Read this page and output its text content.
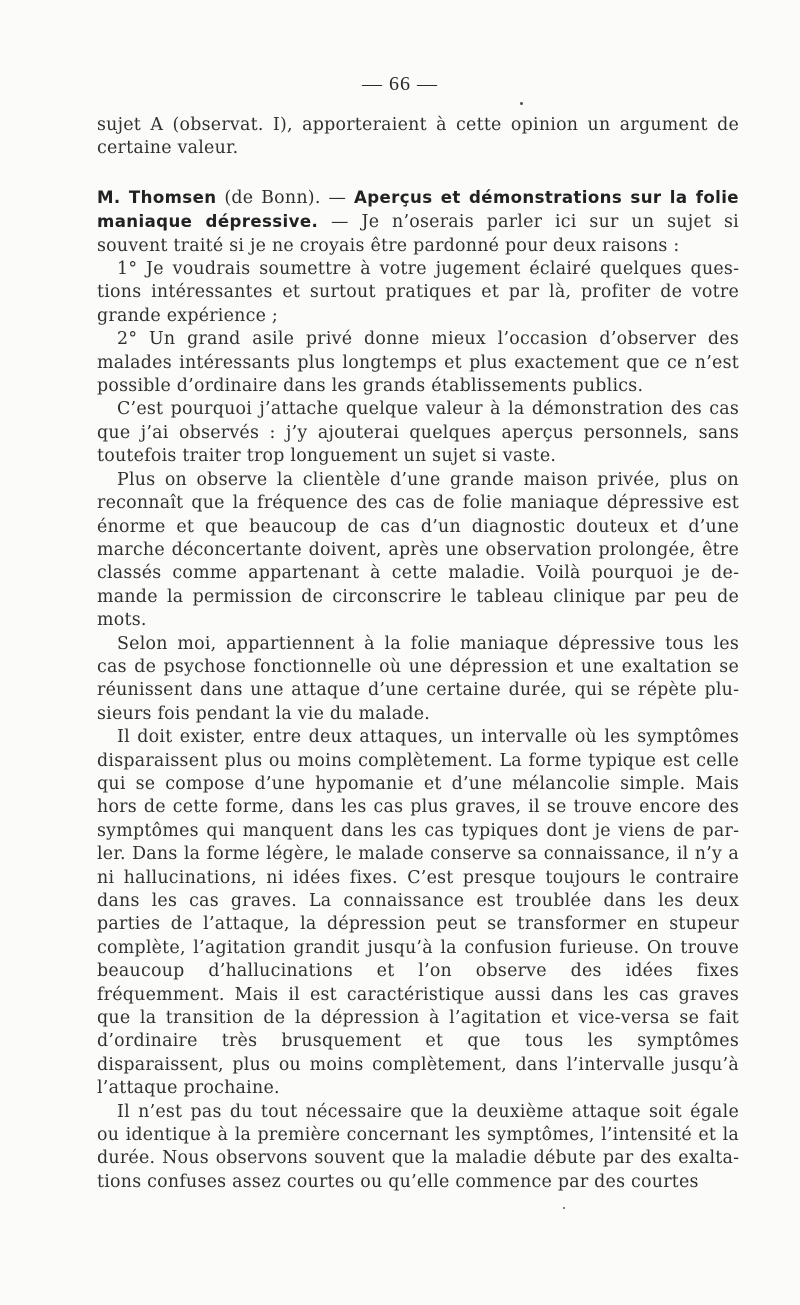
— 66 —

sujet A (observat. I), apporteraient à cette opinion un argument de certaine valeur.

M. Thomsen (de Bonn). — Aperçus et démonstrations sur la folie maniaque dépressive. — Je n’oserais parler ici sur un sujet si souvent traité si je ne croyais être pardonné pour deux raisons :

1° Je voudrais soumettre à votre jugement éclairé quelques questions intéressantes et surtout pratiques et par là, profiter de votre grande expérience ;

2° Un grand asile privé donne mieux l’occasion d’observer des malades intéressants plus longtemps et plus exactement que ce n’est possible d’ordinaire dans les grands établissements publics.

C’est pourquoi j’attache quelque valeur à la démonstration des cas que j’ai observés : j’y ajouterai quelques aperçus personnels, sans toutefois traiter trop longuement un sujet si vaste.

Plus on observe la clientèle d’une grande maison privée, plus on reconnaît que la fréquence des cas de folie maniaque dépressive est énorme et que beaucoup de cas d’un diagnostic douteux et d’une marche déconcertante doivent, après une observation prolongée, être classés comme appartenant à cette maladie. Voilà pourquoi je demande la permission de circonscrire le tableau clinique par peu de mots.

Selon moi, appartiennent à la folie maniaque dépressive tous les cas de psychose fonctionnelle où une dépression et une exaltation se réunissent dans une attaque d’une certaine durée, qui se répète plusieurs fois pendant la vie du malade.

Il doit exister, entre deux attaques, un intervalle où les symptômes disparaissent plus ou moins complètement. La forme typique est celle qui se compose d’une hypomanie et d’une mélancolie simple. Mais hors de cette forme, dans les cas plus graves, il se trouve encore des symptômes qui manquent dans les cas typiques dont je viens de parler. Dans la forme légère, le malade conserve sa connaissance, il n’y a ni hallucinations, ni idées fixes. C’est presque toujours le contraire dans les cas graves. La connaissance est troublée dans les deux parties de l’attaque, la dépression peut se transformer en stupeur complète, l’agitation grandit jusqu’à la confusion furieuse. On trouve beaucoup d’hallucinations et l’on observe des idées fixes fréquemment. Mais il est caractéristique aussi dans les cas graves que la transition de la dépression à l’agitation et vice-versa se fait d’ordinaire très brusquement et que tous les symptômes disparaissent, plus ou moins complètement, dans l’intervalle jusqu’à l’attaque prochaine.

Il n’est pas du tout nécessaire que la deuxième attaque soit égale ou identique à la première concernant les symptômes, l’intensité et la durée. Nous observons souvent que la maladie débute par des exaltations confuses assez courtes ou qu’elle commence par des courtes
